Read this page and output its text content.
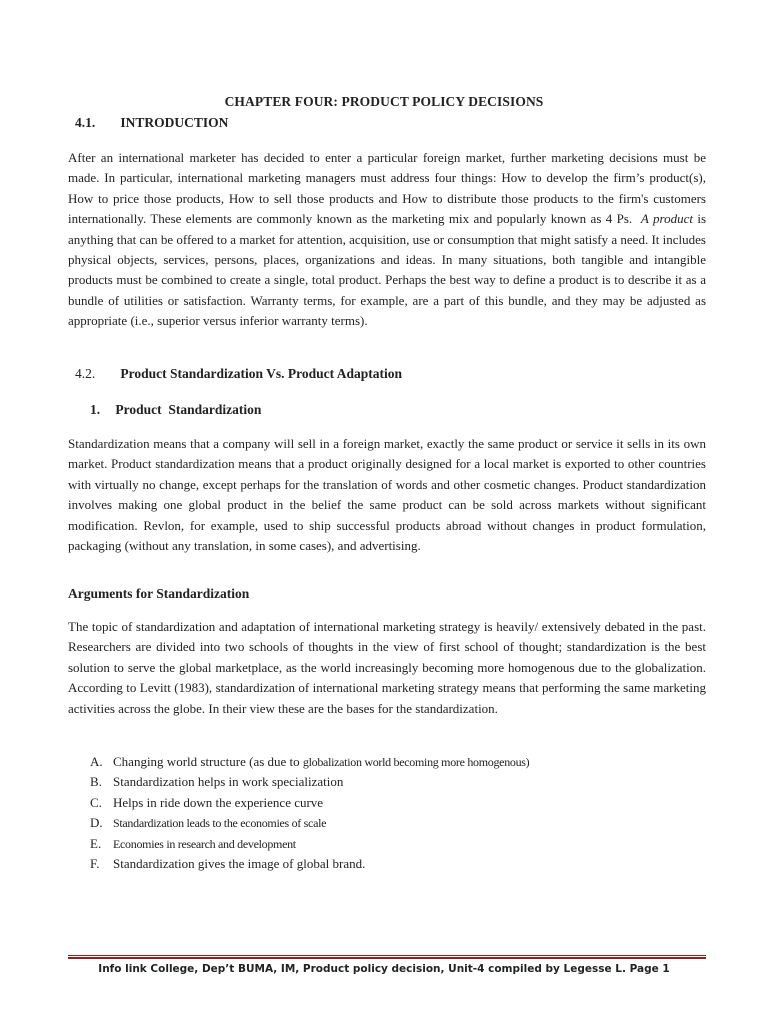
CHAPTER FOUR: PRODUCT POLICY DECISIONS
4.1. INTRODUCTION

After an international marketer has decided to enter a particular foreign market, further marketing decisions must be made. In particular, international marketing managers must address four things: How to develop the firm’s product(s), How to price those products, How to sell those products and How to distribute those products to the firm's customers internationally. These elements are commonly known as the marketing mix and popularly known as 4 Ps. A product is anything that can be offered to a market for attention, acquisition, use or consumption that might satisfy a need. It includes physical objects, services, persons, places, organizations and ideas. In many situations, both tangible and intangible products must be combined to create a single, total product. Perhaps the best way to define a product is to describe it as a bundle of utilities or satisfaction. Warranty terms, for example, are a part of this bundle, and they may be adjusted as appropriate (i.e., superior versus inferior warranty terms).

4.2. Product Standardization Vs. Product Adaptation
1. Product  Standardization

Standardization means that a company will sell in a foreign market, exactly the same product or service it sells in its own market. Product standardization means that a product originally designed for a local market is exported to other countries with virtually no change, except perhaps for the translation of words and other cosmetic changes. Product standardization involves making one global product in the belief the same product can be sold across markets without significant modification. Revlon, for example, used to ship successful products abroad without changes in product formulation, packaging (without any translation, in some cases), and advertising.

Arguments for Standardization

The topic of standardization and adaptation of international marketing strategy is heavily/ extensively debated in the past. Researchers are divided into two schools of thoughts in the view of first school of thought; standardization is the best solution to serve the global marketplace, as the world increasingly becoming more homogenous due to the globalization. According to Levitt (1983), standardization of international marketing strategy means that performing the same marketing activities across the globe. In their view these are the bases for the standardization.

A. Changing world structure (as due to globalization world becoming more homogenous)
B. Standardization helps in work specialization
C. Helps in ride down the experience curve
D. Standardization leads to the economies of scale
E. Economies in research and development
F. Standardization gives the image of global brand.
Info link College, Dep’t BUMA, IM, Product policy decision, Unit-4 compiled by Legesse L. Page 1
